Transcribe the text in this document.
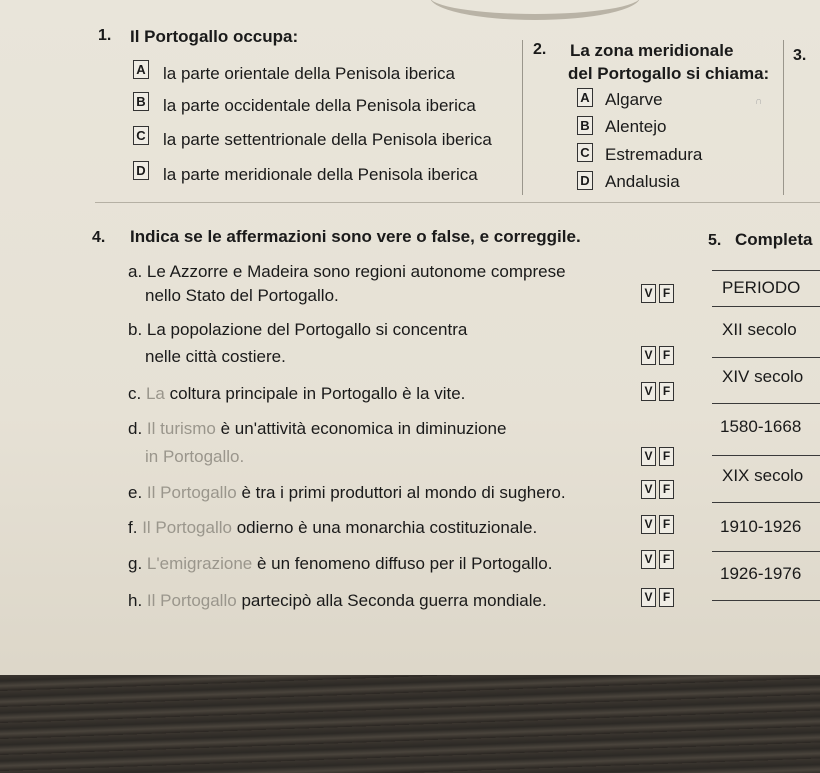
1. Il Portogallo occupa:
A la parte orientale della Penisola iberica
B la parte occidentale della Penisola iberica
C la parte settentrionale della Penisola iberica
D la parte meridionale della Penisola iberica
2. La zona meridionale
del Portogallo si chiama:
A Algarve
B Alentejo
C Estremadura
D Andalusia
∩
3.
4. Indica se le affermazioni sono vere o false, e correggile.
a. Le Azzorre e Madeira sono regioni autonome comprese
nello Stato del Portogallo.	V F
b. La popolazione del Portogallo si concentra
nelle città costiere.	V F
c. La coltura principale in Portogallo è la vite.	V F
d. Il turismo è un'attività economica in diminuzione
in Portogallo.	V F
e. Il Portogallo è tra i primi produttori al mondo di sughero.	V F
f. Il Portogallo odierno è una monarchia costituzionale.	V F
g. L'emigrazione è un fenomeno diffuso per il Portogallo.	V F
h. Il Portogallo partecipò alla Seconda guerra mondiale.	V F
5. Completa
PERIODO
XII secolo
XIV secolo
1580-1668
XIX secolo
1910-1926
1926-1976
